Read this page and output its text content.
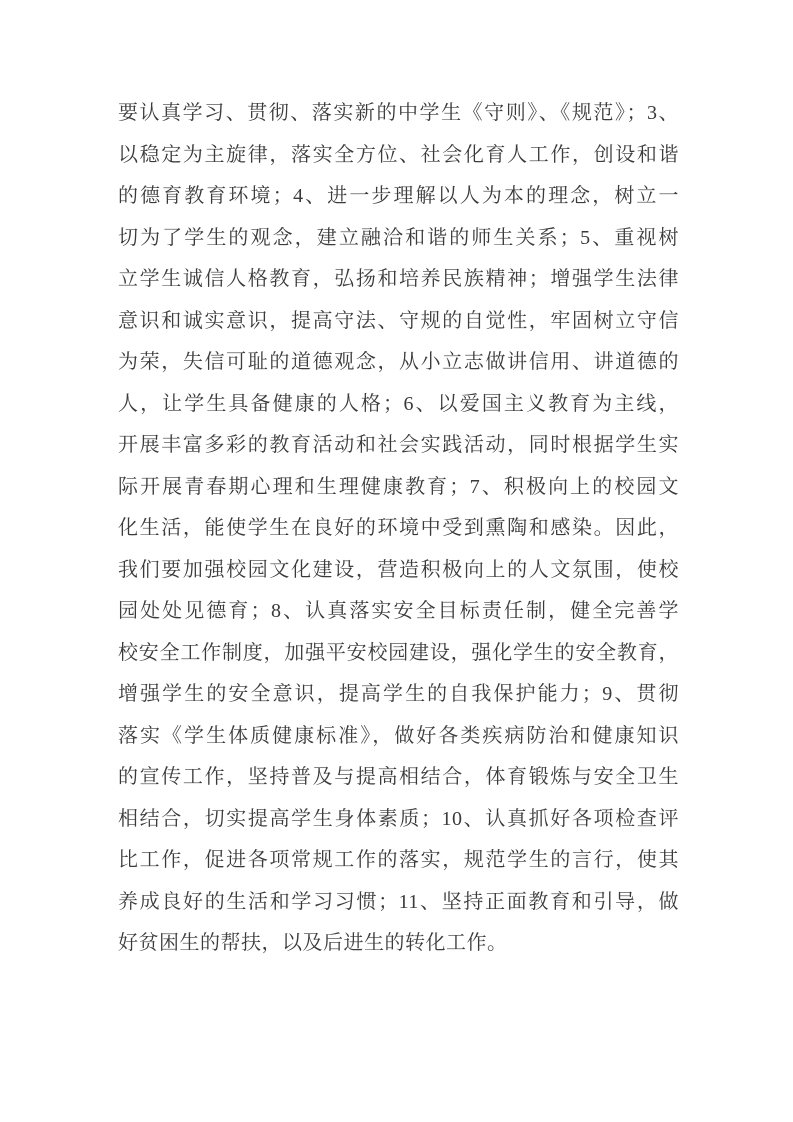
要认真学习、贯彻、落实新的中学生《守则》、《规范》；3、
以稳定为主旋律，落实全方位、社会化育人工作，创设和谐
的德育教育环境；4、进一步理解以人为本的理念，树立一
切为了学生的观念，建立融洽和谐的师生关系；5、重视树
立学生诚信人格教育，弘扬和培养民族精神；增强学生法律
意识和诚实意识，提高守法、守规的自觉性，牢固树立守信
为荣，失信可耻的道德观念，从小立志做讲信用、讲道德的
人，让学生具备健康的人格；6、以爱国主义教育为主线，
开展丰富多彩的教育活动和社会实践活动，同时根据学生实
际开展青春期心理和生理健康教育；7、积极向上的校园文
化生活，能使学生在良好的环境中受到熏陶和感染。因此，
我们要加强校园文化建设，营造积极向上的人文氛围，使校
园处处见德育；8、认真落实安全目标责任制，健全完善学
校安全工作制度，加强平安校园建设，强化学生的安全教育，
增强学生的安全意识，提高学生的自我保护能力；9、贯彻
落实《学生体质健康标准》，做好各类疾病防治和健康知识
的宣传工作，坚持普及与提高相结合，体育锻炼与安全卫生
相结合，切实提高学生身体素质；10、认真抓好各项检查评
比工作，促进各项常规工作的落实，规范学生的言行，使其
养成良好的生活和学习习惯；11、坚持正面教育和引导，做
好贫困生的帮扶，以及后进生的转化工作。
